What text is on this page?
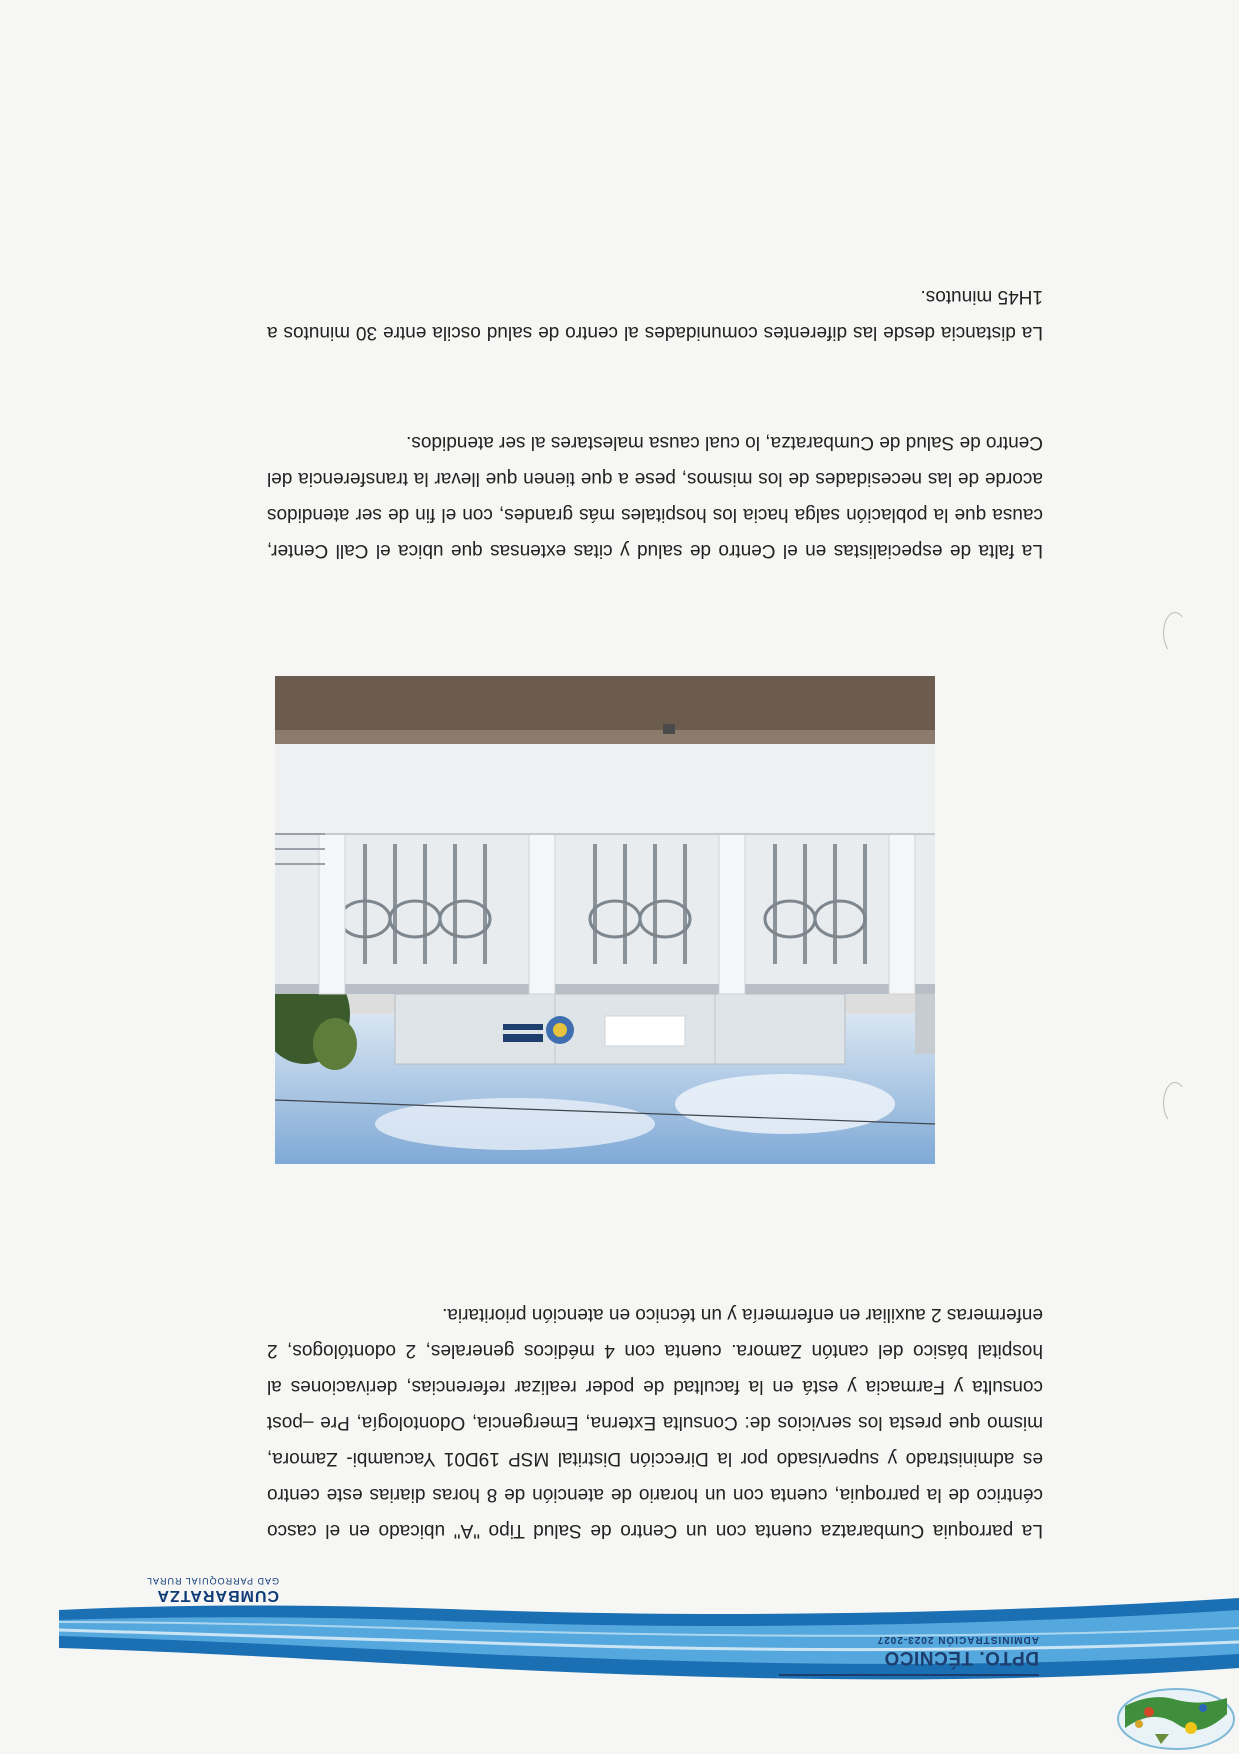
DPTO. TÉCNICO
ADMINISTRACIÓN 2023-2027
CUMBARATZA
GAD PARROQUIAL RURAL
La parroquia Cumbaratza cuenta con un Centro de Salud Tipo "A" ubicado en el casco céntrico de la parroquia, cuenta con un horario de atención de 8 horas diarias este centro es administrado y supervisado por la Dirección Distrital MSP 19D01 Yacuambi- Zamora, mismo que presta los servicios de: Consulta Externa, Emergencia, Odontología, Pre –post consulta y Farmacia y está en la facultad de poder realizar referencias, derivaciones al hospital básico del cantón Zamora. cuenta con 4 médicos generales, 2 odontólogos, 2 enfermeras 2 auxiliar en enfermería y un técnico en atención prioritaria.
La falta de especialistas en el Centro de salud y citas extensas que ubica el Call Center, causa que la población salga hacia los hospitales más grandes, con el fin de ser atendidos acorde de las necesidades de los mismos, pese a que tienen que llevar la transferencia del Centro de Salud de Cumbaratza, lo cual causa malestares al ser atendidos.
La distancia desde las diferentes comunidades al centro de salud oscila entre 30 minutos a 1H45 minutos.
